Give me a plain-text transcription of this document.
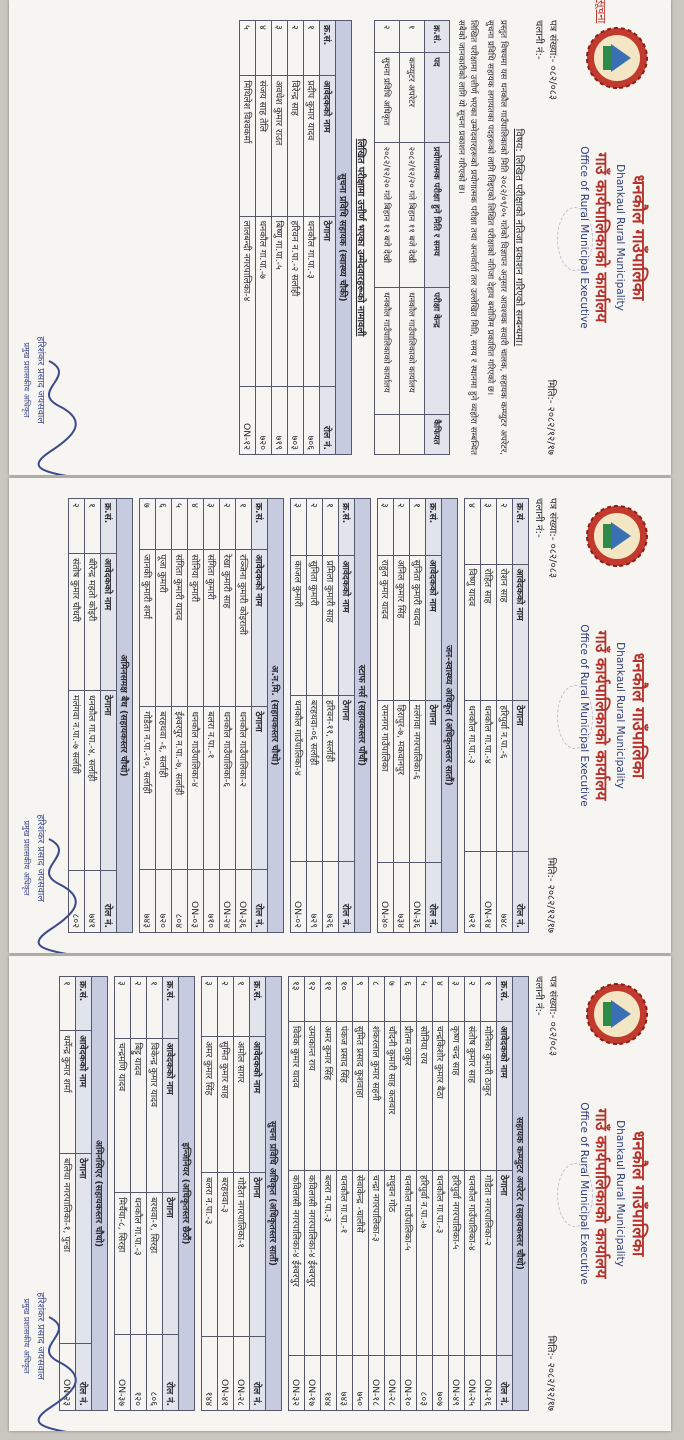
धनकौल गाउँपालिका
Dhankaul Rural Municipality
गाउँ कार्यपालिकाको कार्यालय
Office of Rural Municipal Executive
पत्र संख्या:- ०८२/०८३
चलानी नं:-
मिति:- २०८२/१२/१७
सूचना
विषय: लिखित परीक्षाको नतिजा प्रकाशन गरिएको सम्बन्धमा।

प्रस्तुत विषयमा यस धनकौल गाउँपालिकाको मिति २०८२/०९/०५ गतेको विज्ञापन अनुसार आवश्यक सवारी चालक, सहायक कम्प्युटर अपरेटर, सुचना प्रविधि सहायक लगायतका पदहरूको लागि लिइएको लिखित परीक्षाको नतिजा देहाय बमोजिम प्रकाशित गरिएको छ।

लिखित परीक्षामा उत्तीर्ण भएका उम्मेदवारहरूको प्रयोगात्मक परीक्षा तथा अन्तर्वार्ता तल उल्लेखित मिति, समय र स्थानमा हुने व्यहोरा सम्बन्धित सबैको जानकारीको लागि यो सूचना प्रकाशन गरिएको छ।

क्र.सं.	पद	प्रयोगात्मक परीक्षा हुने मिति र समय	परीक्षा केन्द्र	कैफियत
१	कम्प्युटर अपरेटर	२०८२/१२/२० गते बिहान ११ बजे देखी	धनकौल गाउँपालिकाको कार्यालय	
२	सुचना प्रविधि अधिकृत	२०८२/१२/२० गते बिहान १२ बजे देखी	धनकौल गाउँपालिकाको कार्यालय	
लिखित परीक्षामा उत्तीर्ण भएका उम्मेदवारहरूको नामावली
सुचना प्रविधि सहायक (स्वास्थ्य चौकी)			
क्र.सं.	आवेदकको नाम	ठेगाना	रोल नं.
१	प्रदीप कुमार यादव	धनकौल गा.पा.-३	७०६
२	विरेन्द्र साह	हरिवन न.पा.-२ सर्लाही	७०३
३	अवधेश कुमार राउत	बिष्णु गा.पा.-५	७१९
४	संजय साह तेलि	धनकौल गा.पा.-७	७२०
५	मिथिलेश विश्वकर्मा	लालबन्दी नगरपालिका-४	ON-१२
हरिशंकर प्रसाद जयसवाल
प्रमुख प्रशासकीय अधिकृत
धनकौल गाउँपालिका
Dhankaul Rural Municipality
गाउँ कार्यपालिकाको कार्यालय
Office of Rural Municipal Executive
पत्र संख्या:- ०८२/०८३
चलानी नं:-
मिति:- २०८२/१२/१७
क्र.सं.	आवेदकको नाम	ठेगाना	रोल नं.
२	रोशन साह	हरिपुर्वा न.पा.-६	७४८
३	रोहित साह	धनकौल गा.पा.-४	ON-१४
४	विष्णु यादव	धनकौल गा.पा.-३	७२१
जन-स्वास्थ्य अधिकृत (अधिकृतस्तर सातौं)			
क्र.सं.	आवेदकको नाम	ठेगाना	रोल नं.
१	सुनिता कुमारी यादव	मलंगवा नगरपालिका-६	ON-३६
२	अनिल कुमार सिंह	हिरापुर-७, मकवानपुर	७३४
३	राहुल कुमार यादव	रामनगर गाउँपालिका	ON-४०
स्टाफ नर्स (सहायकस्तर पाँचौं)			
क्र.सं.	आवेदकको नाम	ठेगाना	रोल नं.
१	प्रमिला कुमारी साह	हरिवन-११, सर्लाही	७२६
२	सुनिता कुमारी	बरहथवा-०६ सर्लाही	७२९
३	काजल कुमारी	धनकौल गाउँपालिका-४	ON-०२
अ.न.मि. (सहायकस्तर चौथो)			
क्र.सं.	आवेदकको नाम	ठेगाना	रोल नं.
१	रञ्जिना कुमारी कोइराली	धनकौल गाउँपालिका-२	ON-३६
२	रेखा कुमारी साह	धनकौल गाउँपालिका-६	ON-२४
३	संगिता कुमारी	बलरा न.पा.-१	७१०
४	सोनिया कुमारी	धनकौल गाउँपालिका-४	ON-०३
५	संगिता कुमारी यादव	ईश्वरपुर न.पा.-७, सर्लाही	८०४
६	पूजा कुमारी	बरहथवा -६, सर्लाही	७२०
७	जानकी कुमारी शर्मा	गोडैता न.पा.-१०, सर्लाही	७४३
अमिनसमक्ष बैध (सहायकस्तर चौथो)			
क्र.सं.	आवेदकको नाम	ठेगाना	रोल नं.
१	बीरेन्द्र महतो कोइरी	धनकौल गा.पा.-४, सर्लाही	७४१
२	संतोष कुमार चौधरी	मलंगवा न.पा.-७ सर्लाही	८०२
हरिशंकर प्रसाद जयसवाल
प्रमुख प्रशासकीय अधिकृत
धनकौल गाउँपालिका
Dhankaul Rural Municipality
गाउँ कार्यपालिकाको कार्यालय
Office of Rural Municipal Executive
पत्र संख्या:- ०८२/०८३
चलानी नं:-
मिति:- २०८२/१२/१७
सहायक कम्प्युटर अपरेटर (सहायकस्तर चौथो)			
क्र.सं.	आवेदकको नाम	ठेगाना	रोल नं.
१	मोनिका कुमारी ठाकुर	गोडैता नगरपालिका-२	ON-१६
२	संतोष कुमार साह	धनकौल गाउँपालिका-४	ON-२५
३	कृष्ण चन्द्र साह	हरिपुर्वा नगरपालिका-५	ON-४९
४	चन्द्रकिशोर कुमार बैठा	धनकौल गा.पा.-३	७०७
५	सोनिया राय	हरिपुर्वा न.पा.-७	८०३
६	प्रीतम ठाकुर	धनकौल गाउँपालिका-५	ON-१०
७	चाँदनी कुमारी साह कलवार	मधुवन गोठ	ON-२८
८	शंकरलाल कुमार सहनी	चन्द्रा नगरपालिका-३	ON-१८
९	सुमित प्रसाद कुशवाहा	सेवाकेन्द्र -चालीसे	७५०
१०	पंकज प्रसाद सिंह	धनकौल गा.पा.-१	७४३
११	अमर कुमार सिंह	बलरा न.पा.-३	१४४
१२	उमाकान्त राय	कविलासी नगरपालिका-४ ईश्वरपुर	ON-१७
१३	विवेक कुमार यादव	कविलासी नगरपालिका-४ ईश्वरपुर	ON-३२
सुचना प्रविधि अधिकृत (अधिकृतस्तर सातौं)			
क्र.सं.	आवेदकको नाम	ठेगाना	रोल नं.
१	अमोल सागर	गोडैता नगरपालिका-१	ON-२८
२	सुमित कुमार साह	बरहथवा-३	ON-४१
३	अमर कुमार सिंह	बलरा न.पा.-३	१४४
इन्जिनियर (अधिकृतस्तर छैठौं)			
क्र.सं.	आवेदकको नाम	ठेगाना	रोल नं.
१	विकेन्द्र कुमार यादव	बरथवा-१, सिरहा	८०६
२	बिट्टु यादव	धनकौल गा.पा.-३	१२०
३	चन्द्रमणि यादव	मिर्चैया-८, सिरहा	ON-३७
अमिनसिएर (सहायकस्तर चौथो)			
क्र.सं.	आवेदकको नाम	ठेगाना	रोल नं.
१	धर्मेन्द्र कुमार शर्मा	बलिया नगरपालिका-१, पुन्डा	ON-२३
हरिशंकर प्रसाद जयसवाल
प्रमुख प्रशासकीय अधिकृत
